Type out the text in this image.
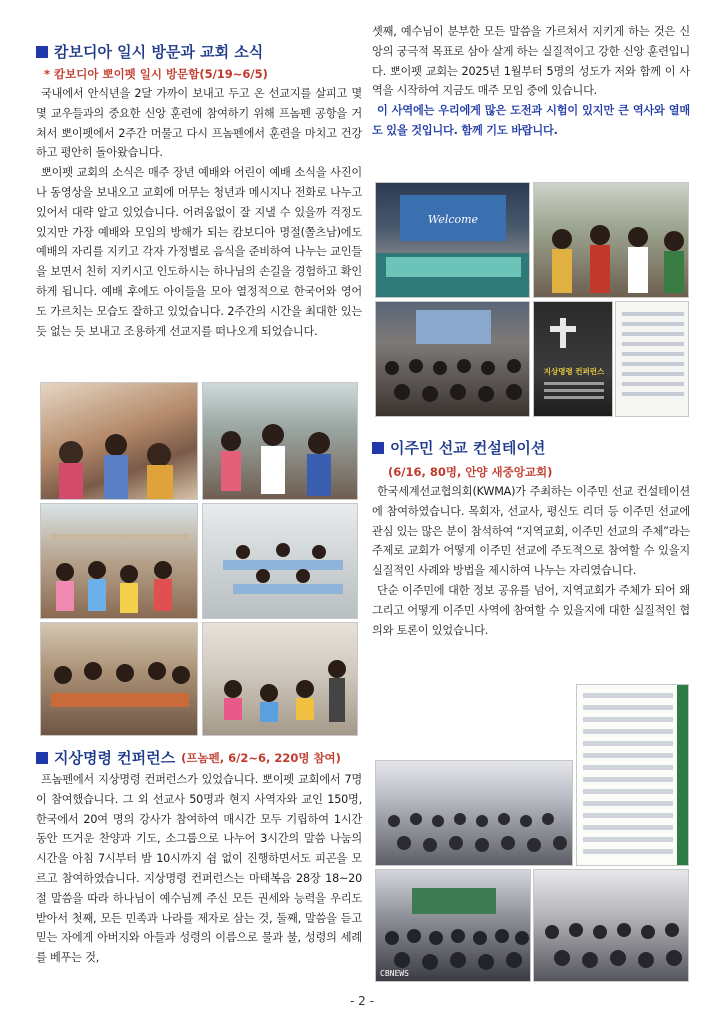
캄보디아 일시 방문과 교회 소식
* 캄보디아 뽀이펫 일시 방문함(5/19~6/5)

국내에서 안식년을 2달 가까이 보내고 두고 온 선교지를 살피고 몇몇 교우들과의 중요한 신앙 훈련에 참여하기 위해 프놈펜 공항을 거쳐서 뽀이펫에서 2주간 머물고 다시 프놈펜에서 훈련을 마치고 건강하고 평안히 돌아왔습니다.

뽀이펫 교회의 소식은 매주 장년 예배와 어린이 예배 소식을 사진이나 동영상을 보내오고 교회에 머무는 청년과 메시지나 전화로 나누고 있어서 대략 알고 있었습니다. 어려움없이 잘 지낼 수 있을까 걱정도 있지만 가장 예배와 모임의 방해가 되는 캄보디아 명절(쫄츠남)에도 예배의 자리를 지키고 각자 가정별로 음식을 준비하여 나누는 교인들을 보면서 친히 지키시고 인도하시는 하나님의 손길을 경험하고 확인하게 됩니다. 예배 후에도 아이들을 모아 열정적으로 한국어와 영어도 가르치는 모습도 잘하고 있었습니다. 2주간의 시간을 최대한 있는 듯 없는 듯 보내고 조용하게 선교지를 떠나오게 되었습니다.

지상명령 컨퍼런스 (프놈펜, 6/2~6, 220명 참여)

프놈펜에서 지상명령 컨퍼런스가 있었습니다. 뽀이펫 교회에서 7명이 참여했습니다. 그 외 선교사 50명과 현지 사역자와 교인 150명, 한국에서 20여 명의 강사가 참여하여 매시간 모두 기립하여 1시간 동안 뜨거운 찬양과 기도, 소그룹으로 나누어 3시간의 말씀 나눔의 시간을 아침 7시부터 밤 10시까지 쉼 없이 진행하면서도 피곤을 모르고 참여하였습니다. 지상명령 컨퍼런스는 마태복음 28장 18~20절 말씀을 따라 하나님이 예수님께 주신 모든 권세와 능력을 우리도 받아서 첫째, 모든 민족과 나라를 제자로 삼는 것, 둘째, 말씀을 듣고 믿는 자에게 아버지와 아들과 성령의 이름으로 물과 불, 성령의 세례를 베푸는 것,

셋째, 예수님이 분부한 모든 말씀을 가르쳐서 지키게 하는 것은 신앙의 궁극적 목표로 삼아 살게 하는 실질적이고 강한 신앙 훈련입니다. 뽀이펫 교회는 2025년 1월부터 5명의 성도가 저와 함께 이 사역을 시작하여 지금도 매주 모임 중에 있습니다.

이 사역에는 우리에게 많은 도전과 시험이 있지만 큰 역사와 열매도 있을 것입니다. 함께 기도 바랍니다.

Welcome
지상명령 컨퍼런스
이주민 선교 컨설테이션
(6/16, 80명, 안양 새중앙교회)

한국세계선교협의회(KWMA)가 주최하는 이주민 선교 컨설테이션에 참여하였습니다. 목회자, 선교사, 평신도 리더 등 이주민 선교에 관심 있는 많은 분이 참석하여 “지역교회, 이주민 선교의 주체”라는 주제로 교회가 어떻게 이주민 선교에 주도적으로 참여할 수 있을지 실질적인 사례와 방법을 제시하여 나누는 자리였습니다.

단순 이주민에 대한 정보 공유를 넘어, 지역교회가 주체가 되어 왜 그리고 어떻게 이주민 사역에 참여할 수 있을지에 대한 실질적인 협의와 토론이 있었습니다.

CBNEWS
- 2 -
